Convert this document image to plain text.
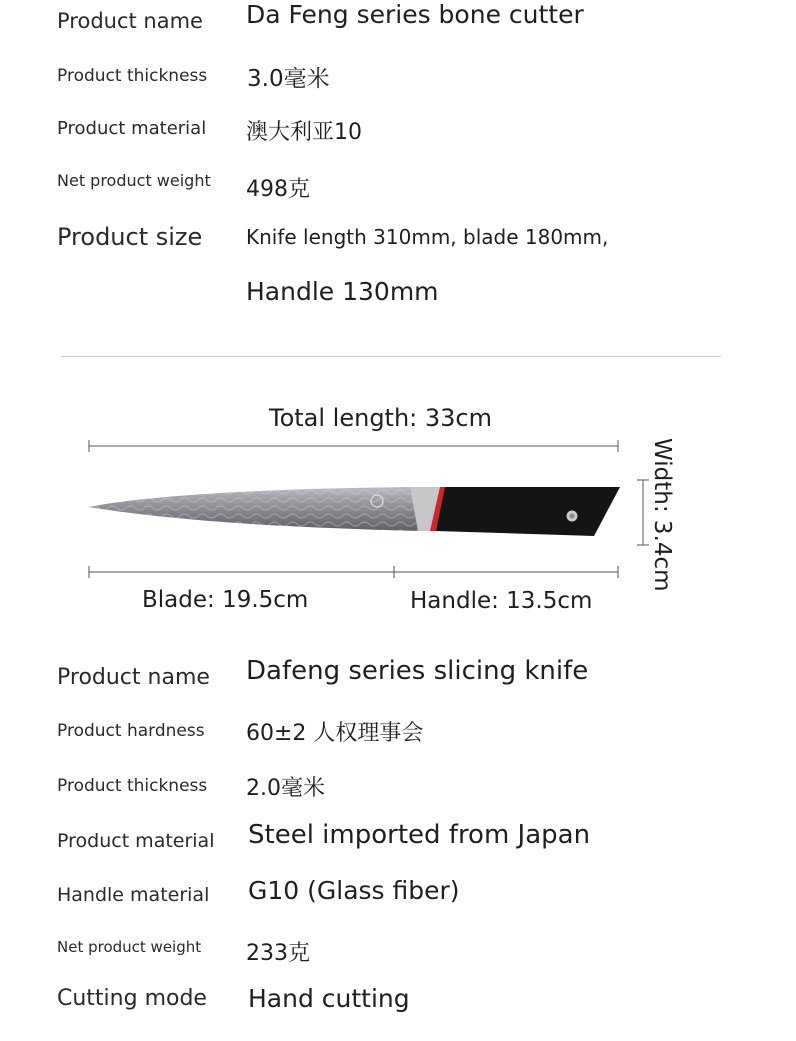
Product name Da Feng series bone cutter
Product thickness 3.0毫米
Product material 澳大利亚10
Net product weight 498克
Product size Knife length 310mm, blade 180mm,
Handle 130mm
Total length: 33cm
Width: 3.4cm
Blade: 19.5cm	Handle: 13.5cm
Product name Dafeng series slicing knife
Product hardness 60±2 人权理事会
Product thickness 2.0毫米
Product material Steel imported from Japan
Handle material G10 (Glass fiber)
Net product weight 233克
Cutting mode Hand cutting
